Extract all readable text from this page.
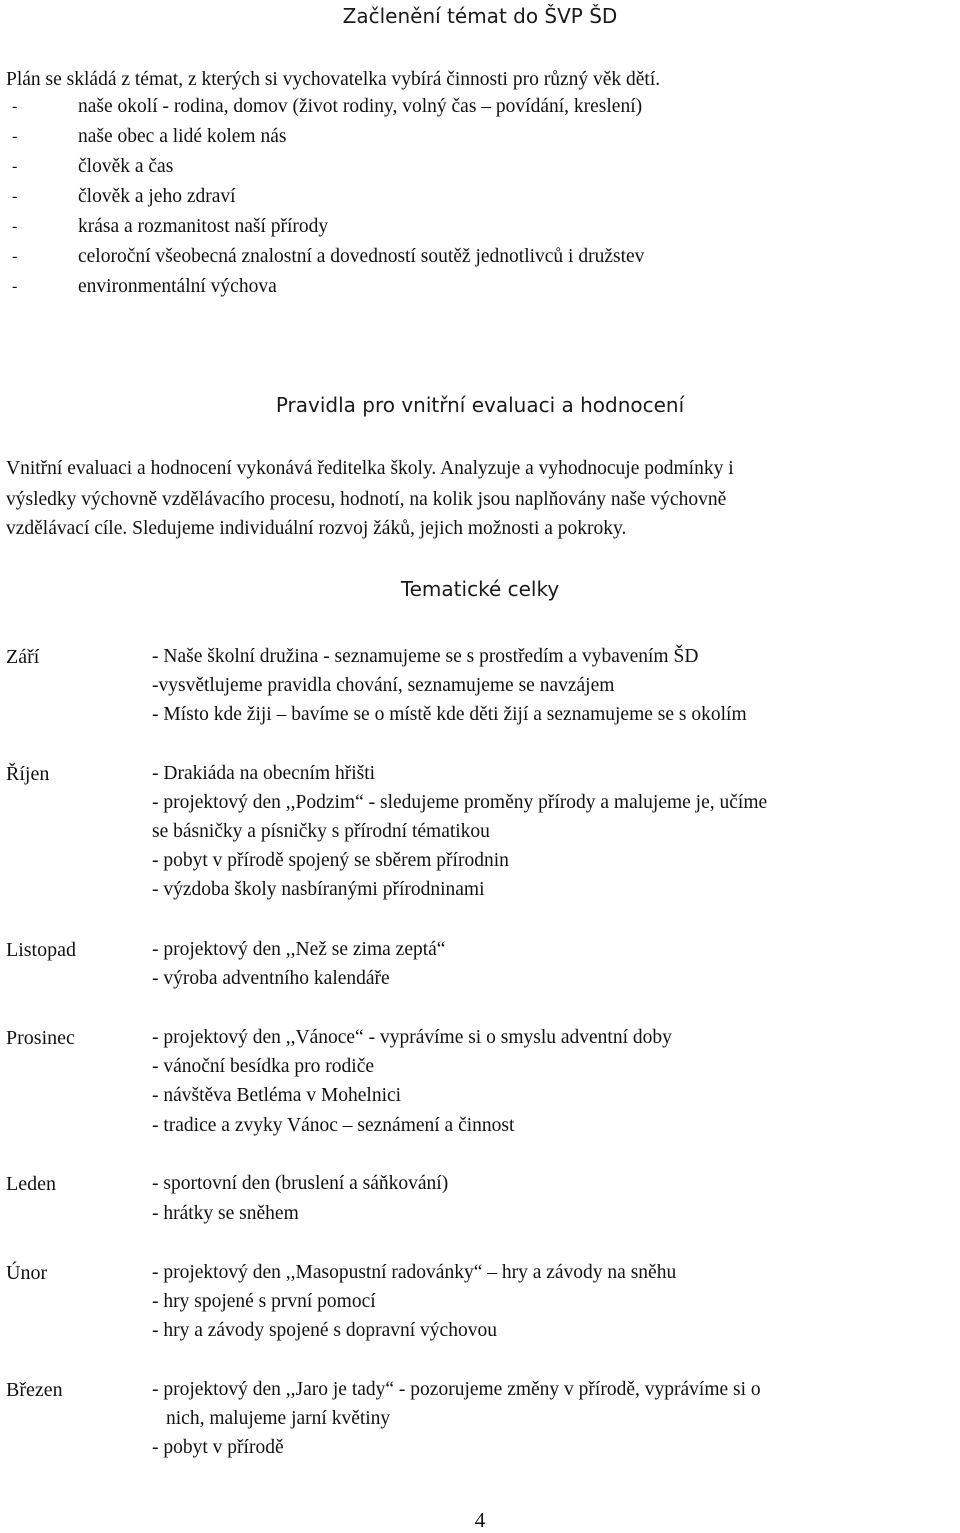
Začlenění témat do ŠVP ŠD
Plán se skládá z témat, z kterých si vychovatelka vybírá činnosti pro různý věk dětí.
-	naše okolí - rodina, domov (život rodiny, volný čas – povídání, kreslení)
-	naše obec a lidé kolem nás
-	člověk a čas
-	člověk a jeho zdraví
-	krása a rozmanitost naší přírody
-	celoroční všeobecná znalostní a dovedností soutěž jednotlivců i družstev
-	environmentální výchova
Pravidla pro vnitřní evaluaci a hodnocení
Vnitřní evaluaci a hodnocení vykonává ředitelka školy. Analyzuje a vyhodnocuje podmínky i
výsledky výchovně vzdělávacího procesu, hodnotí, na kolik jsou naplňovány naše výchovně
vzdělávací cíle. Sledujeme individuální rozvoj žáků, jejich možnosti a pokroky.
Tematické celky
Září	- Naše školní družina - seznamujeme se s prostředím a vybavením ŠD
-vysvětlujeme pravidla chování, seznamujeme se navzájem
- Místo kde žiji – bavíme se o místě kde děti žijí a seznamujeme se s okolím
Říjen	- Drakiáda na obecním hřišti
- projektový den ,,Podzim“ - sledujeme proměny přírody a malujeme je, učíme
se básničky a písničky s přírodní tématikou
- pobyt v přírodě spojený se sběrem přírodnin
- výzdoba školy nasbíranými přírodninami
Listopad	- projektový den ,,Než se zima zeptá“
- výroba adventního kalendáře
Prosinec	- projektový den ,,Vánoce“ - vyprávíme si o smyslu adventní doby
- vánoční besídka pro rodiče
- návštěva Betléma v Mohelnici
- tradice a zvyky Vánoc – seznámení a činnost
Leden	- sportovní den (bruslení a sáňkování)
- hrátky se sněhem
Únor	- projektový den ,,Masopustní radovánky“ – hry a závody na sněhu
- hry spojené s první pomocí
- hry a závody spojené s dopravní výchovou
Březen	- projektový den ,,Jaro je tady“ - pozorujeme změny v přírodě, vyprávíme si o
nich, malujeme jarní květiny
- pobyt v přírodě
4
